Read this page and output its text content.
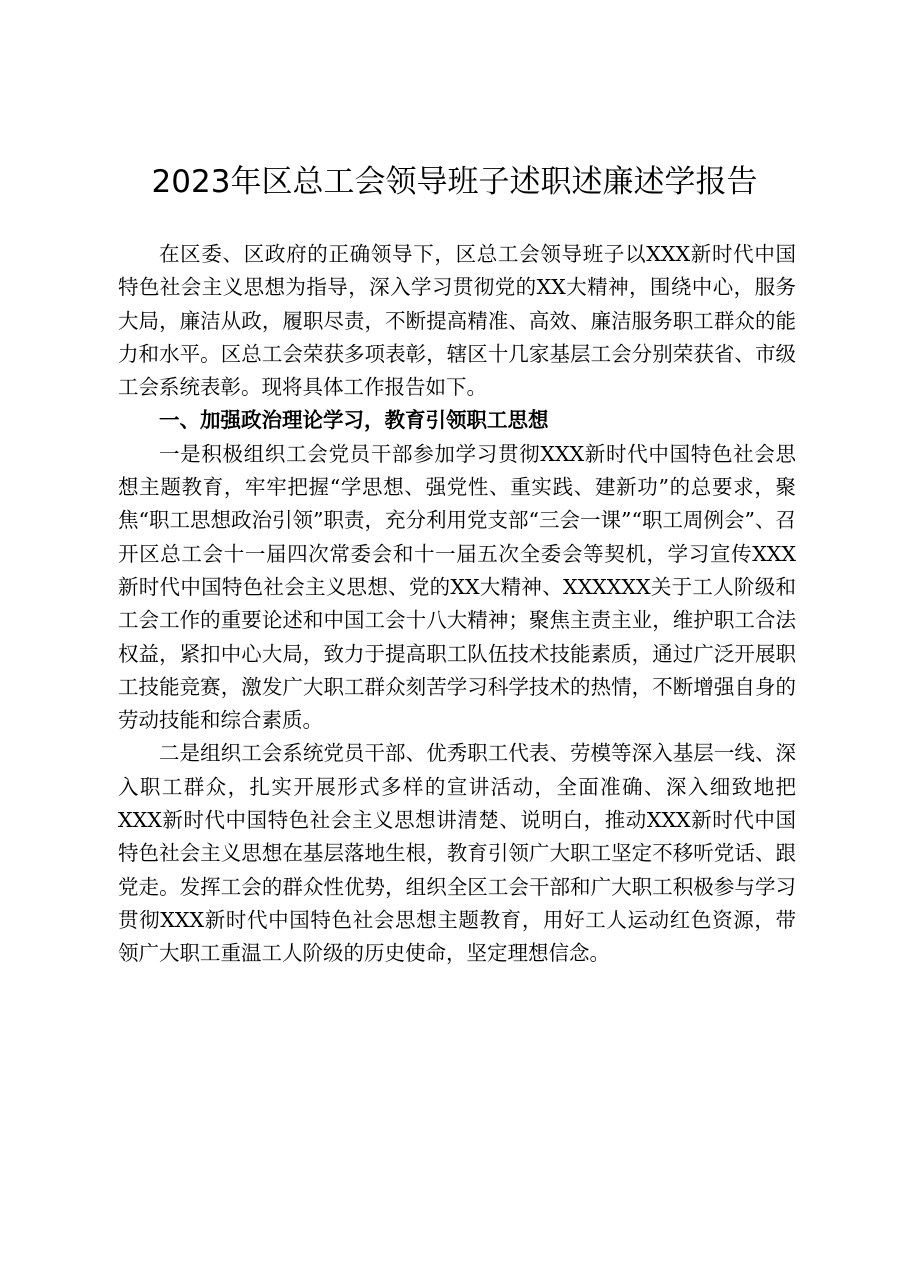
2023年区总工会领导班子述职述廉述学报告

在区委、区政府的正确领导下，区总工会领导班子以XXX新时代中国特色社会主义思想为指导，深入学习贯彻党的XX大精神，围绕中心，服务大局，廉洁从政，履职尽责，不断提高精准、高效、廉洁服务职工群众的能力和水平。区总工会荣获多项表彰，辖区十几家基层工会分别荣获省、市级工会系统表彰。现将具体工作报告如下。

一、加强政治理论学习，教育引领职工思想

一是积极组织工会党员干部参加学习贯彻XXX新时代中国特色社会思想主题教育，牢牢把握“学思想、强党性、重实践、建新功”的总要求，聚焦“职工思想政治引领”职责，充分利用党支部“三会一课”“职工周例会”、召开区总工会十一届四次常委会和十一届五次全委会等契机，学习宣传XXX新时代中国特色社会主义思想、党的XX大精神、XXXXXX关于工人阶级和工会工作的重要论述和中国工会十八大精神；聚焦主责主业，维护职工合法权益，紧扣中心大局，致力于提高职工队伍技术技能素质，通过广泛开展职工技能竞赛，激发广大职工群众刻苦学习科学技术的热情，不断增强自身的劳动技能和综合素质。

二是组织工会系统党员干部、优秀职工代表、劳模等深入基层一线、深入职工群众，扎实开展形式多样的宣讲活动，全面准确、深入细致地把XXX新时代中国特色社会主义思想讲清楚、说明白，推动XXX新时代中国特色社会主义思想在基层落地生根，教育引领广大职工坚定不移听党话、跟党走。发挥工会的群众性优势，组织全区工会干部和广大职工积极参与学习贯彻XXX新时代中国特色社会思想主题教育，用好工人运动红色资源，带领广大职工重温工人阶级的历史使命，坚定理想信念。
